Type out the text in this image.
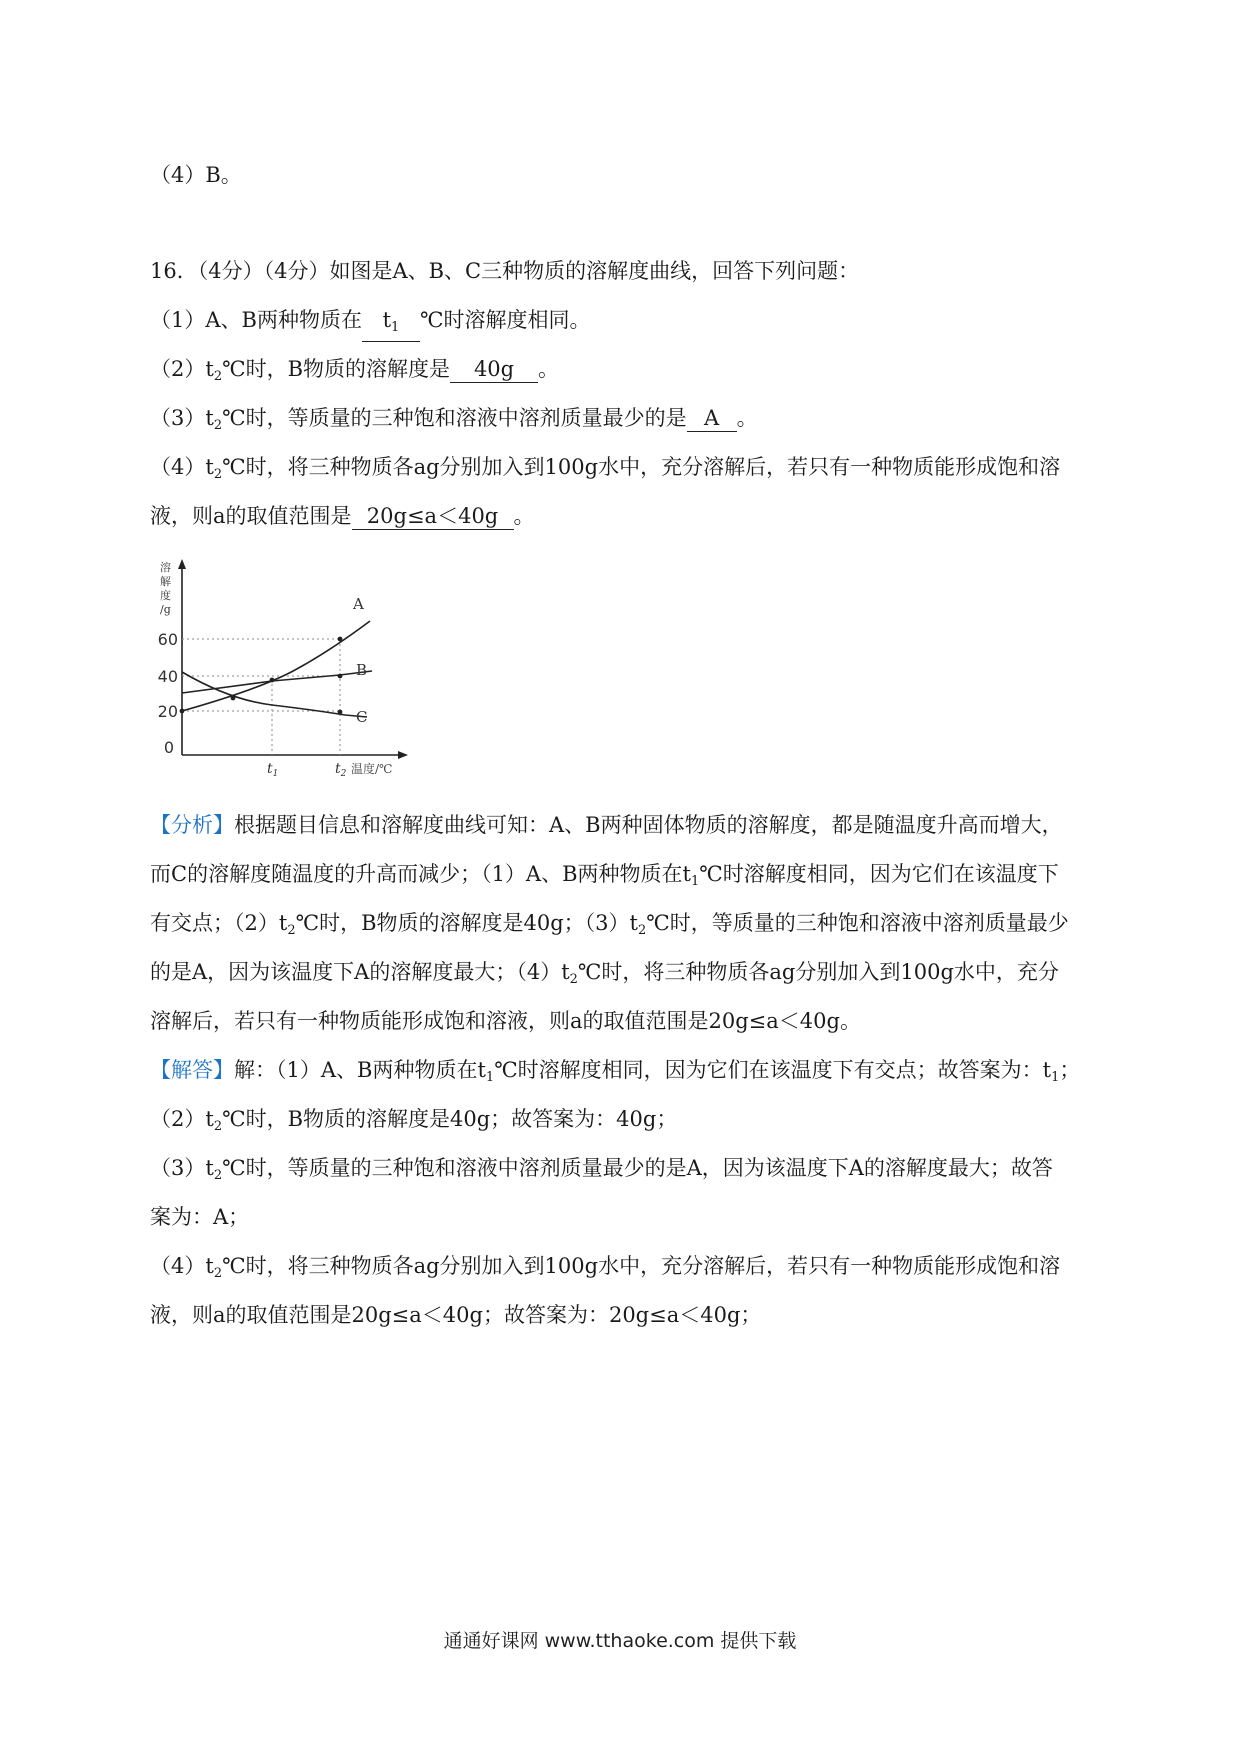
（4）B。
16．（4分）（4分）如图是A、B、C三种物质的溶解度曲线，回答下列问题：
（1）A、B两种物质在 $t_1$ ℃时溶解度相同。
$(2)t_2℃$时，B物质的溶解度是 40g 。
$(3)t_2℃$时，等质量的三种饱和溶液中溶剂质量最少的是 A 。
$(4)t_2℃$时，将三种物质各ag分别加入到100g水中，充分溶解后，若只有一种物质能形成饱和溶
液，则a的取值范围是 20g≤a＜40g 。
溶
解
度
/g
60
40
20
0
A
B
C
$t_1$	$t_2$ 温度/℃
【分析】根据题目信息和溶解度曲线可知：A、B两种固体物质的溶解度，都是随温度升高而增大，
而C的溶解度随温度的升高而减少；（1）A、B两种物质在$t_1℃$时溶解度相同，因为它们在该温度下
有交点；$(2)t_2℃$时，B物质的溶解度是40g；$(3)t_2℃$时，等质量的三种饱和溶液中溶剂质量最少
的是A，因为该温度下A的溶解度最大；$(4)t_2℃$时，将三种物质各ag分别加入到100g水中，充分
溶解后，若只有一种物质能形成饱和溶液，则a的取值范围是20g≤a＜40g。
【解答】解：（1）A、B两种物质在$t_1℃$时溶解度相同，因为它们在该温度下有交点；故答案为：$t_1$；
$(2)t_2℃$时，B物质的溶解度是40g；故答案为：40g；
$(3)t_2℃$时，等质量的三种饱和溶液中溶剂质量最少的是A，因为该温度下A的溶解度最大；故答
案为：A；
$(4)t_2℃$时，将三种物质各ag分别加入到100g水中，充分溶解后，若只有一种物质能形成饱和溶
液，则a的取值范围是20g≤a＜40g；故答案为：20g≤a＜40g；
通通好课网 www.tthaoke.com 提供下载
